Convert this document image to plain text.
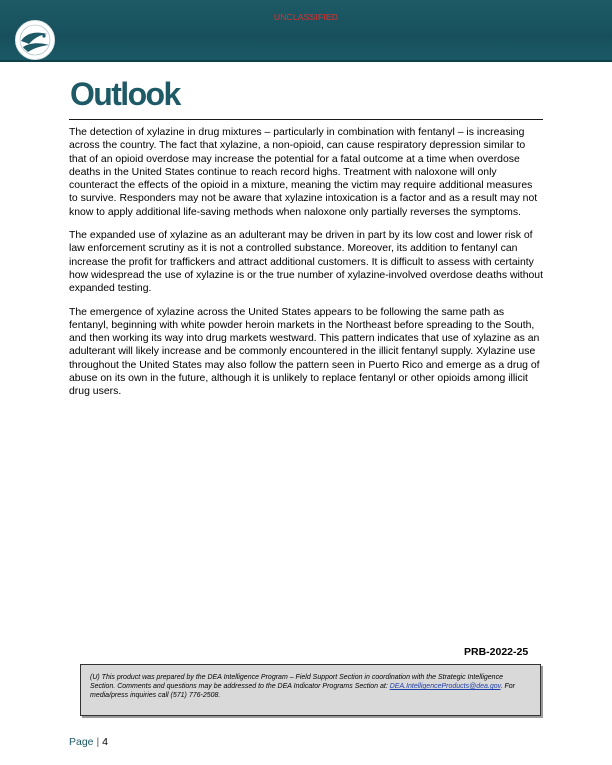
UNCLASSIFIED
Outlook

The detection of xylazine in drug mixtures – particularly in combination with fentanyl – is increasing across the country. The fact that xylazine, a non-opioid, can cause respiratory depression similar to that of an opioid overdose may increase the potential for a fatal outcome at a time when overdose deaths in the United States continue to reach record highs. Treatment with naloxone will only counteract the effects of the opioid in a mixture, meaning the victim may require additional measures to survive. Responders may not be aware that xylazine intoxication is a factor and as a result may not know to apply additional life-saving methods when naloxone only partially reverses the symptoms.

The expanded use of xylazine as an adulterant may be driven in part by its low cost and lower risk of law enforcement scrutiny as it is not a controlled substance. Moreover, its addition to fentanyl can increase the profit for traffickers and attract additional customers. It is difficult to assess with certainty how widespread the use of xylazine is or the true number of xylazine-involved overdose deaths without expanded testing.

The emergence of xylazine across the United States appears to be following the same path as fentanyl, beginning with white powder heroin markets in the Northeast before spreading to the South, and then working its way into drug markets westward. This pattern indicates that use of xylazine as an adulterant will likely increase and be commonly encountered in the illicit fentanyl supply. Xylazine use throughout the United States may also follow the pattern seen in Puerto Rico and emerge as a drug of abuse on its own in the future, although it is unlikely to replace fentanyl or other opioids among illicit drug users.

PRB-2022-25
(U) This product was prepared by the DEA Intelligence Program – Field Support Section in coordination with the Strategic Intelligence Section. Comments and questions may be addressed to the DEA Indicator Programs Section at: DEA.IntelligenceProducts@dea.gov. For media/press inquiries call (571) 776-2508.
Page | 4
